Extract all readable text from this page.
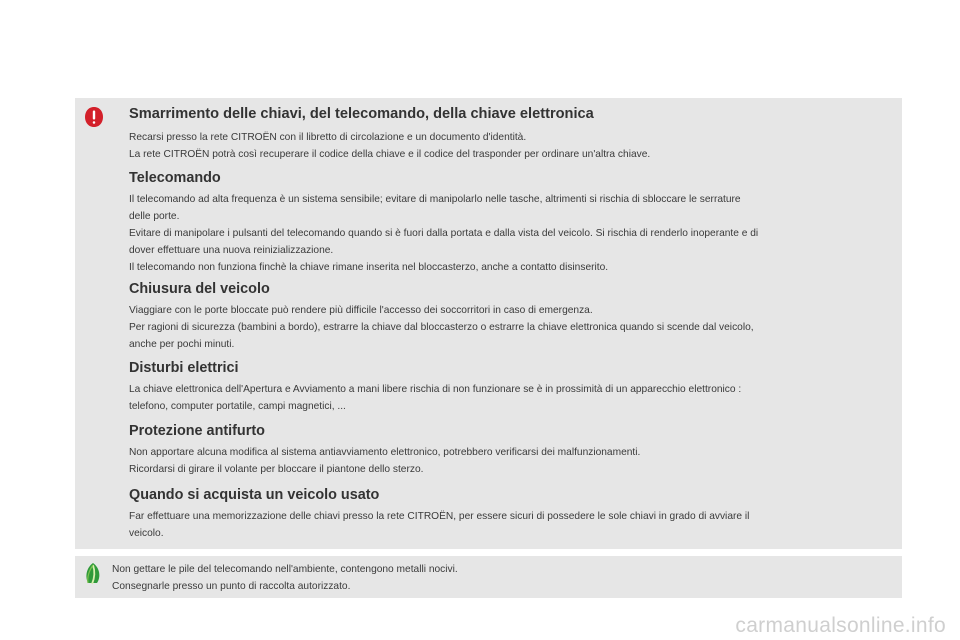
Smarrimento delle chiavi, del telecomando, della chiave elettronica

Recarsi presso la rete CITROËN con il libretto di circolazione e un documento d'identità.
La rete CITROËN potrà così recuperare il codice della chiave e il codice del trasponder per ordinare un'altra chiave.

Telecomando

Il telecomando ad alta frequenza è un sistema sensibile; evitare di manipolarlo nelle tasche, altrimenti si rischia di sbloccare le serrature
delle porte.
Evitare di manipolare i pulsanti del telecomando quando si è fuori dalla portata e dalla vista del veicolo. Si rischia di renderlo inoperante e di
dover effettuare una nuova reinizializzazione.
Il telecomando non funziona finchè la chiave rimane inserita nel bloccasterzo, anche a contatto disinserito.

Chiusura del veicolo

Viaggiare con le porte bloccate può rendere più difficile l'accesso dei soccorritori in caso di emergenza.
Per ragioni di sicurezza (bambini a bordo), estrarre la chiave dal bloccasterzo o estrarre la chiave elettronica quando si scende dal veicolo,
anche per pochi minuti.

Disturbi elettrici

La chiave elettronica dell'Apertura e Avviamento a mani libere rischia di non funzionare se è in prossimità di un apparecchio elettronico :
telefono, computer portatile, campi magnetici, ...

Protezione antifurto

Non apportare alcuna modifica al sistema antiavviamento elettronico, potrebbero verificarsi dei malfunzionamenti.
Ricordarsi di girare il volante per bloccare il piantone dello sterzo.

Quando si acquista un veicolo usato

Far effettuare una memorizzazione delle chiavi presso la rete CITROËN, per essere sicuri di possedere le sole chiavi in grado di avviare il
veicolo.

Non gettare le pile del telecomando nell'ambiente, contengono metalli nocivi.
Consegnarle presso un punto di raccolta autorizzato.

carmanualsonline.info
